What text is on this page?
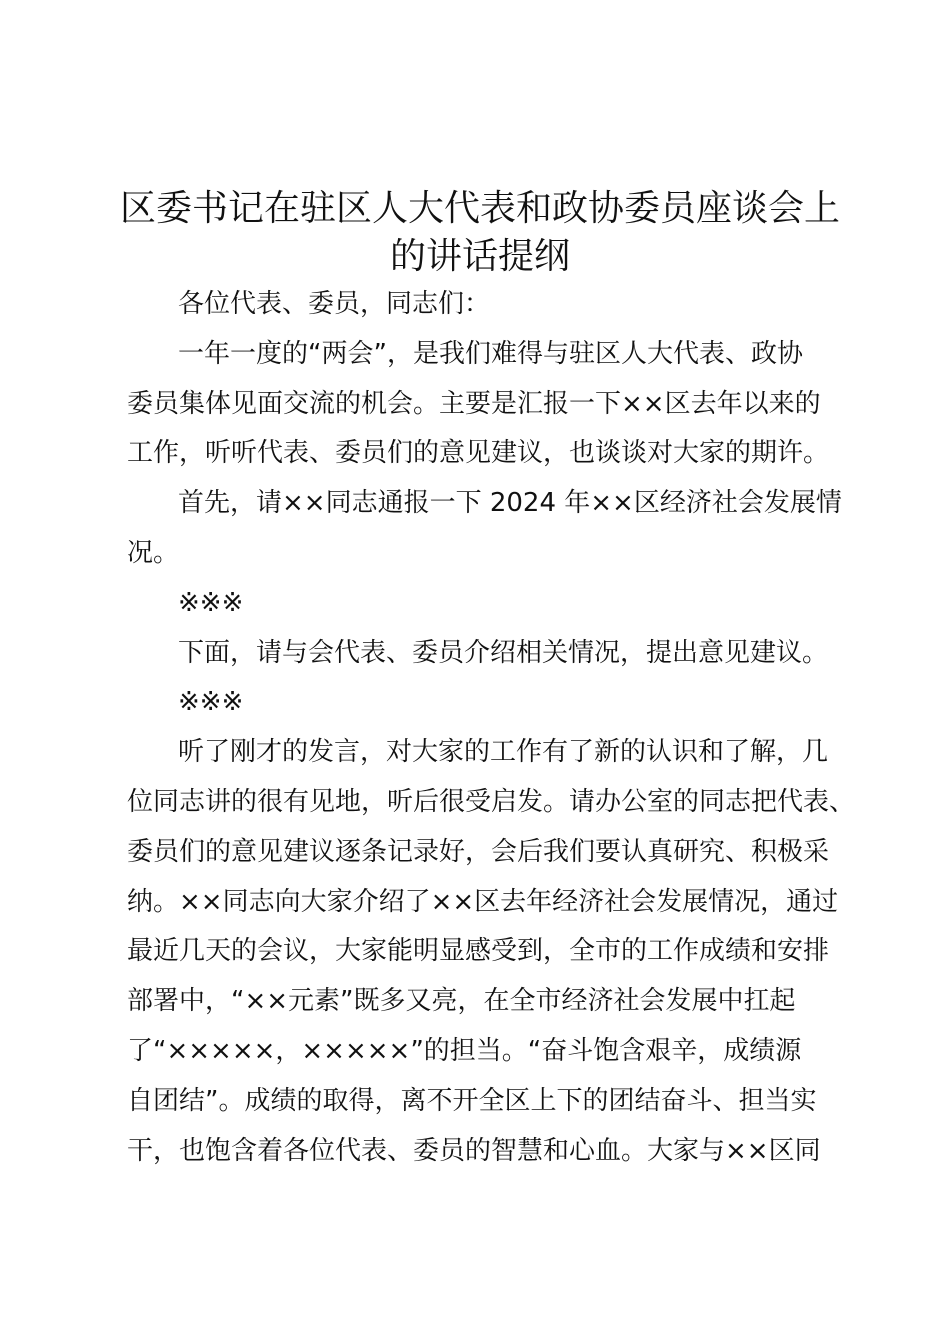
区委书记在驻区人大代表和政协委员座谈会上
的讲话提纲
各位代表、委员，同志们：
一年一度的“两会”，是我们难得与驻区人大代表、政协
委员集体见面交流的机会。主要是汇报一下××区去年以来的
工作，听听代表、委员们的意见建议，也谈谈对大家的期许。
首先，请××同志通报一下 2024 年××区经济社会发展情
况。
※※※
下面，请与会代表、委员介绍相关情况，提出意见建议。
※※※
听了刚才的发言，对大家的工作有了新的认识和了解，几
位同志讲的很有见地，听后很受启发。请办公室的同志把代表、
委员们的意见建议逐条记录好，会后我们要认真研究、积极采
纳。××同志向大家介绍了××区去年经济社会发展情况，通过
最近几天的会议，大家能明显感受到，全市的工作成绩和安排
部署中，“××元素”既多又亮，在全市经济社会发展中扛起
了“×××××，×××××”的担当。“奋斗饱含艰辛，成绩源
自团结”。成绩的取得，离不开全区上下的团结奋斗、担当实
干，也饱含着各位代表、委员的智慧和心血。大家与××区同
